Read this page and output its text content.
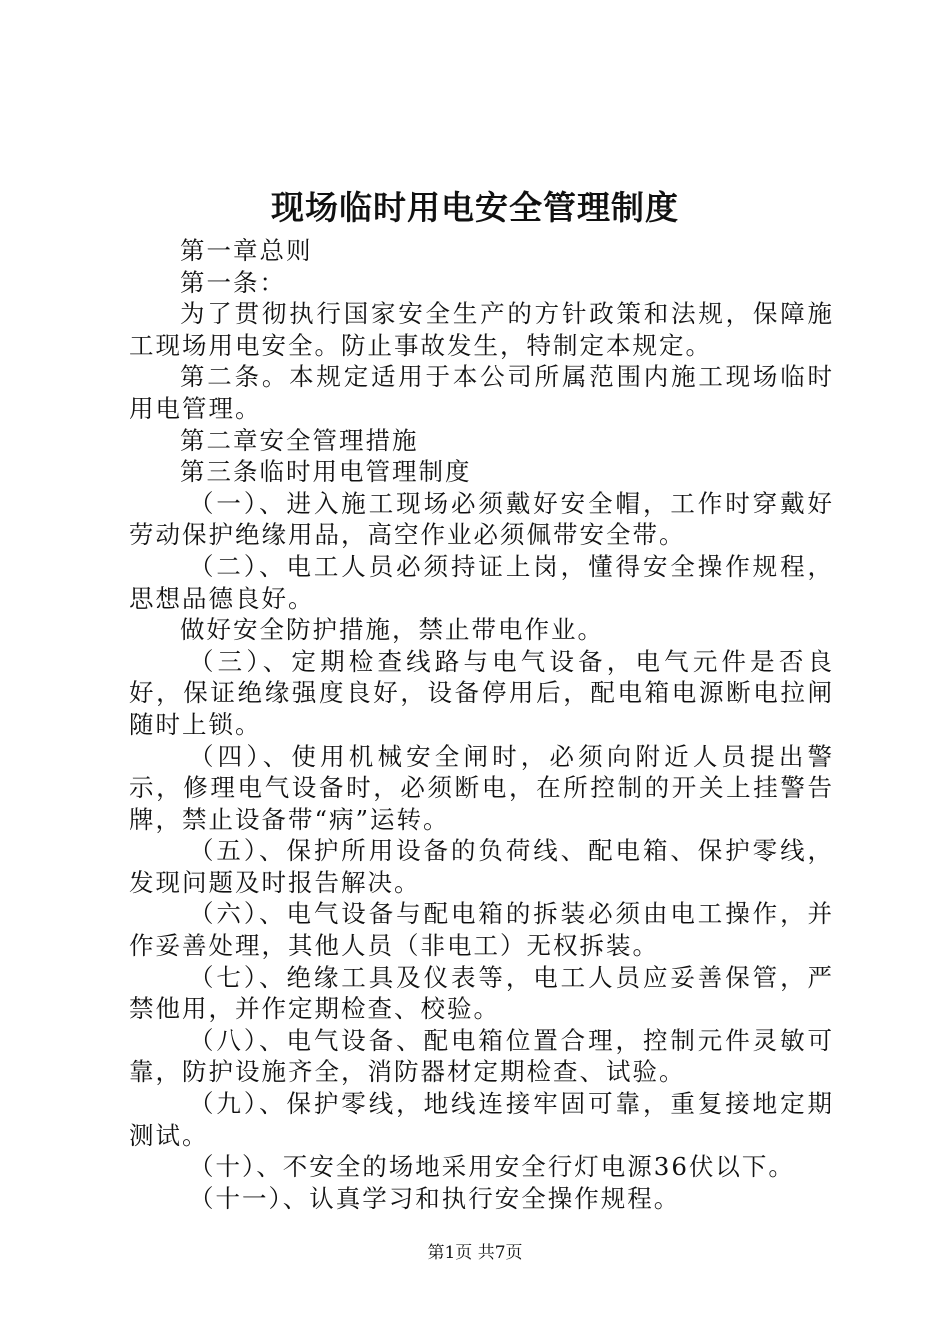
现场临时用电安全管理制度

第一章总则

第一条：

为了贯彻执行国家安全生产的方针政策和法规，保障施工现场用电安全。防止事故发生，特制定本规定。

第二条。本规定适用于本公司所属范围内施工现场临时用电管理。

第二章安全管理措施

第三条临时用电管理制度

（一）、进入施工现场必须戴好安全帽，工作时穿戴好劳动保护绝缘用品，高空作业必须佩带安全带。

（二）、电工人员必须持证上岗，懂得安全操作规程，思想品德良好。

做好安全防护措施，禁止带电作业。

（三）、定期检查线路与电气设备，电气元件是否良好，保证绝缘强度良好，设备停用后，配电箱电源断电拉闸随时上锁。

（四）、使用机械安全闸时，必须向附近人员提出警示，修理电气设备时，必须断电，在所控制的开关上挂警告牌，禁止设备带“病”运转。

（五）、保护所用设备的负荷线、配电箱、保护零线，发现问题及时报告解决。

（六）、电气设备与配电箱的拆装必须由电工操作，并作妥善处理，其他人员（非电工）无权拆装。

（七）、绝缘工具及仪表等，电工人员应妥善保管，严禁他用，并作定期检查、校验。

（八）、电气设备、配电箱位置合理，控制元件灵敏可靠，防护设施齐全，消防器材定期检查、试验。

（九）、保护零线，地线连接牢固可靠，重复接地定期测试。

（十）、不安全的场地采用安全行灯电源36伏以下。

（十一）、认真学习和执行安全操作规程。

第1页 共7页
